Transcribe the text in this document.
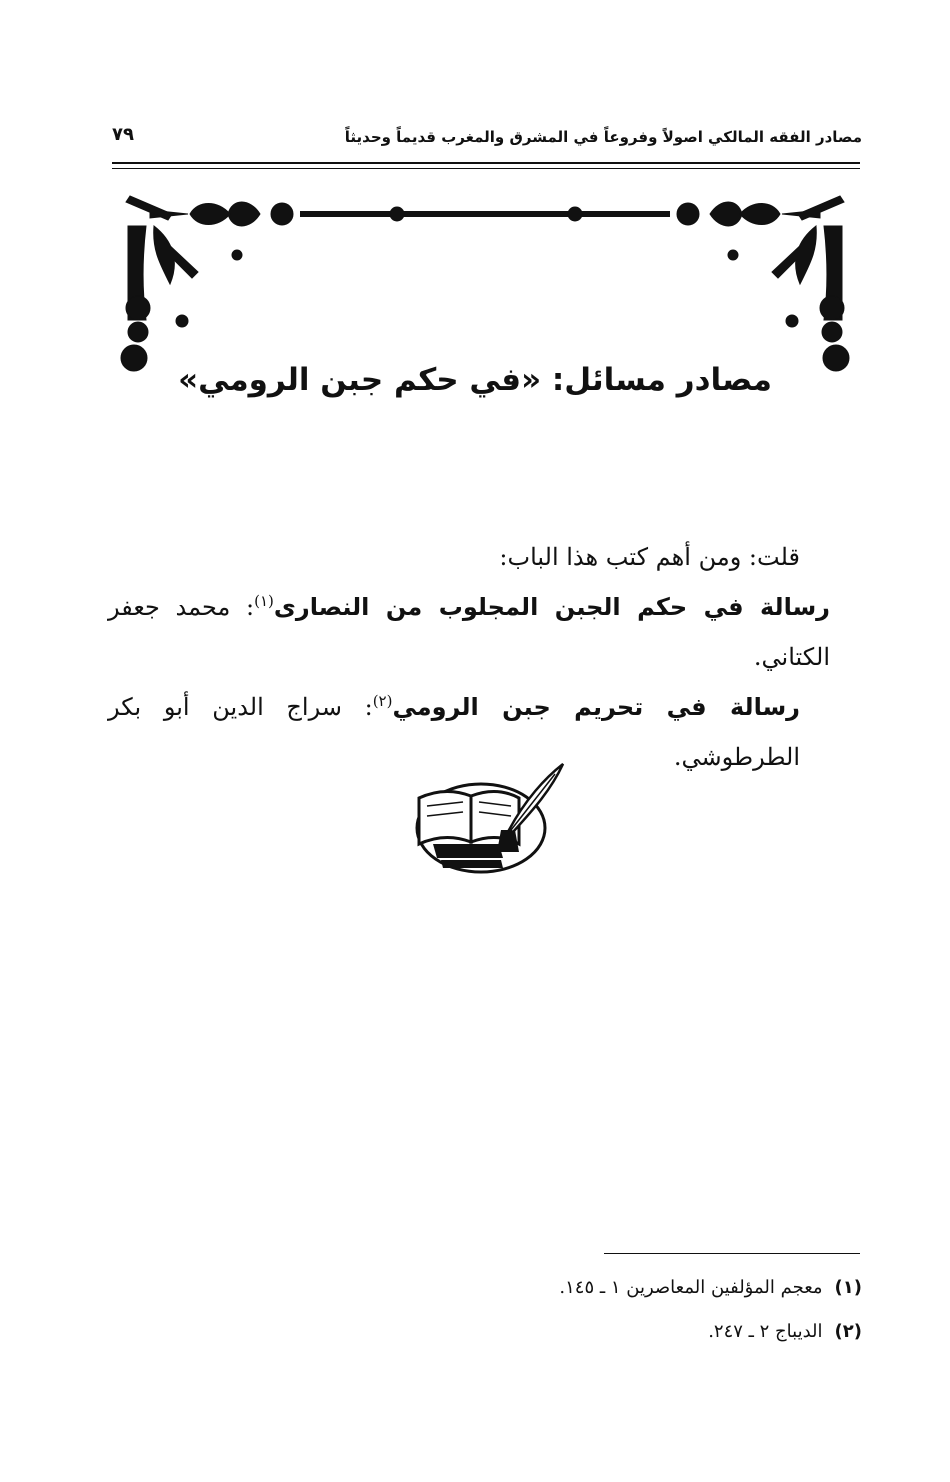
مصادر الفقه المالكي اصولاً وفروعاً في المشرق والمغرب قديماً وحديثاً
٧٩
مصادر مسائل: «في حكم جبن الرومي»

قلت: ومن أهم كتب هذا الباب:

رسالة في حكم الجبن المجلوب من النصارى$^{(١)}$: محمد جعفر الكتاني.

رسالة في تحريم جبن الرومي$^{(٢)}$: سراج الدين أبو بكر الطرطوشي.

(١)معجم المؤلفين المعاصرين ١ ـ ١٤٥.

(٢)الديباج ٢ ـ ٢٤٧.
